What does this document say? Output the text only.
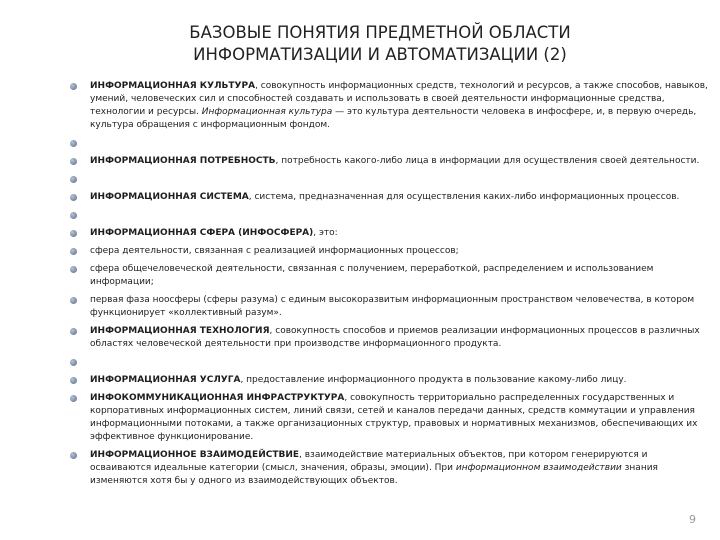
БАЗОВЫЕ ПОНЯТИЯ ПРЕДМЕТНОЙ ОБЛАСТИ
ИНФОРМАТИЗАЦИИ И АВТОМАТИЗАЦИИ (2)
ИНФОРМАЦИОННАЯ КУЛЬТУРА, совокупность информационных средств, технологий и ресурсов, а также способов, навыков, умений, человеческих сил и способностей создавать и использовать в своей деятельности информационные средства, технологии и ресурсы. Информационная культура — это культура деятельности человека в инфосфере, и, в первую очередь, культура обращения с информационным фондом.
ИНФОРМАЦИОННАЯ ПОТРЕБНОСТЬ, потребность какого-либо лица в информации для осуществления своей деятельности.
ИНФОРМАЦИОННАЯ СИСТЕМА, система, предназначенная для осуществления каких-либо информационных процессов.
ИНФОРМАЦИОННАЯ СФЕРА (ИНФОСФЕРА), это:
сфера деятельности, связанная с реализацией информационных процессов;
сфера общечеловеческой деятельности, связанная с получением, переработкой, распределением и использованием информации;
первая фаза ноосферы (сферы разума) с единым высокоразвитым информационным пространством человечества, в котором функционирует «коллективный разум».
ИНФОРМАЦИОННАЯ ТЕХНОЛОГИЯ, совокупность способов и приемов реализации информационных процессов в различных областях человеческой деятельности при производстве информационного продукта.
ИНФОРМАЦИОННАЯ УСЛУГА, предоставление информационного продукта в пользование какому-либо лицу.
ИНФОКОММУНИКАЦИОННАЯ ИНФРАСТРУКТУРА, совокупность территориально распределенных государственных и корпоративных информационных систем, линий связи, сетей и каналов передачи данных, средств коммутации и управления информационными потоками, а также организационных структур, правовых и нормативных механизмов, обеспечивающих их эффективное функционирование.
ИНФОРМАЦИОННОЕ ВЗАИМОДЕЙСТВИЕ, взаимодействие материальных объектов, при котором генерируются и осваиваются идеальные категории (смысл, значения, образы, эмоции). При информационном взаимодействии знания изменяются хотя бы у одного из взаимодействующих объектов.
9
